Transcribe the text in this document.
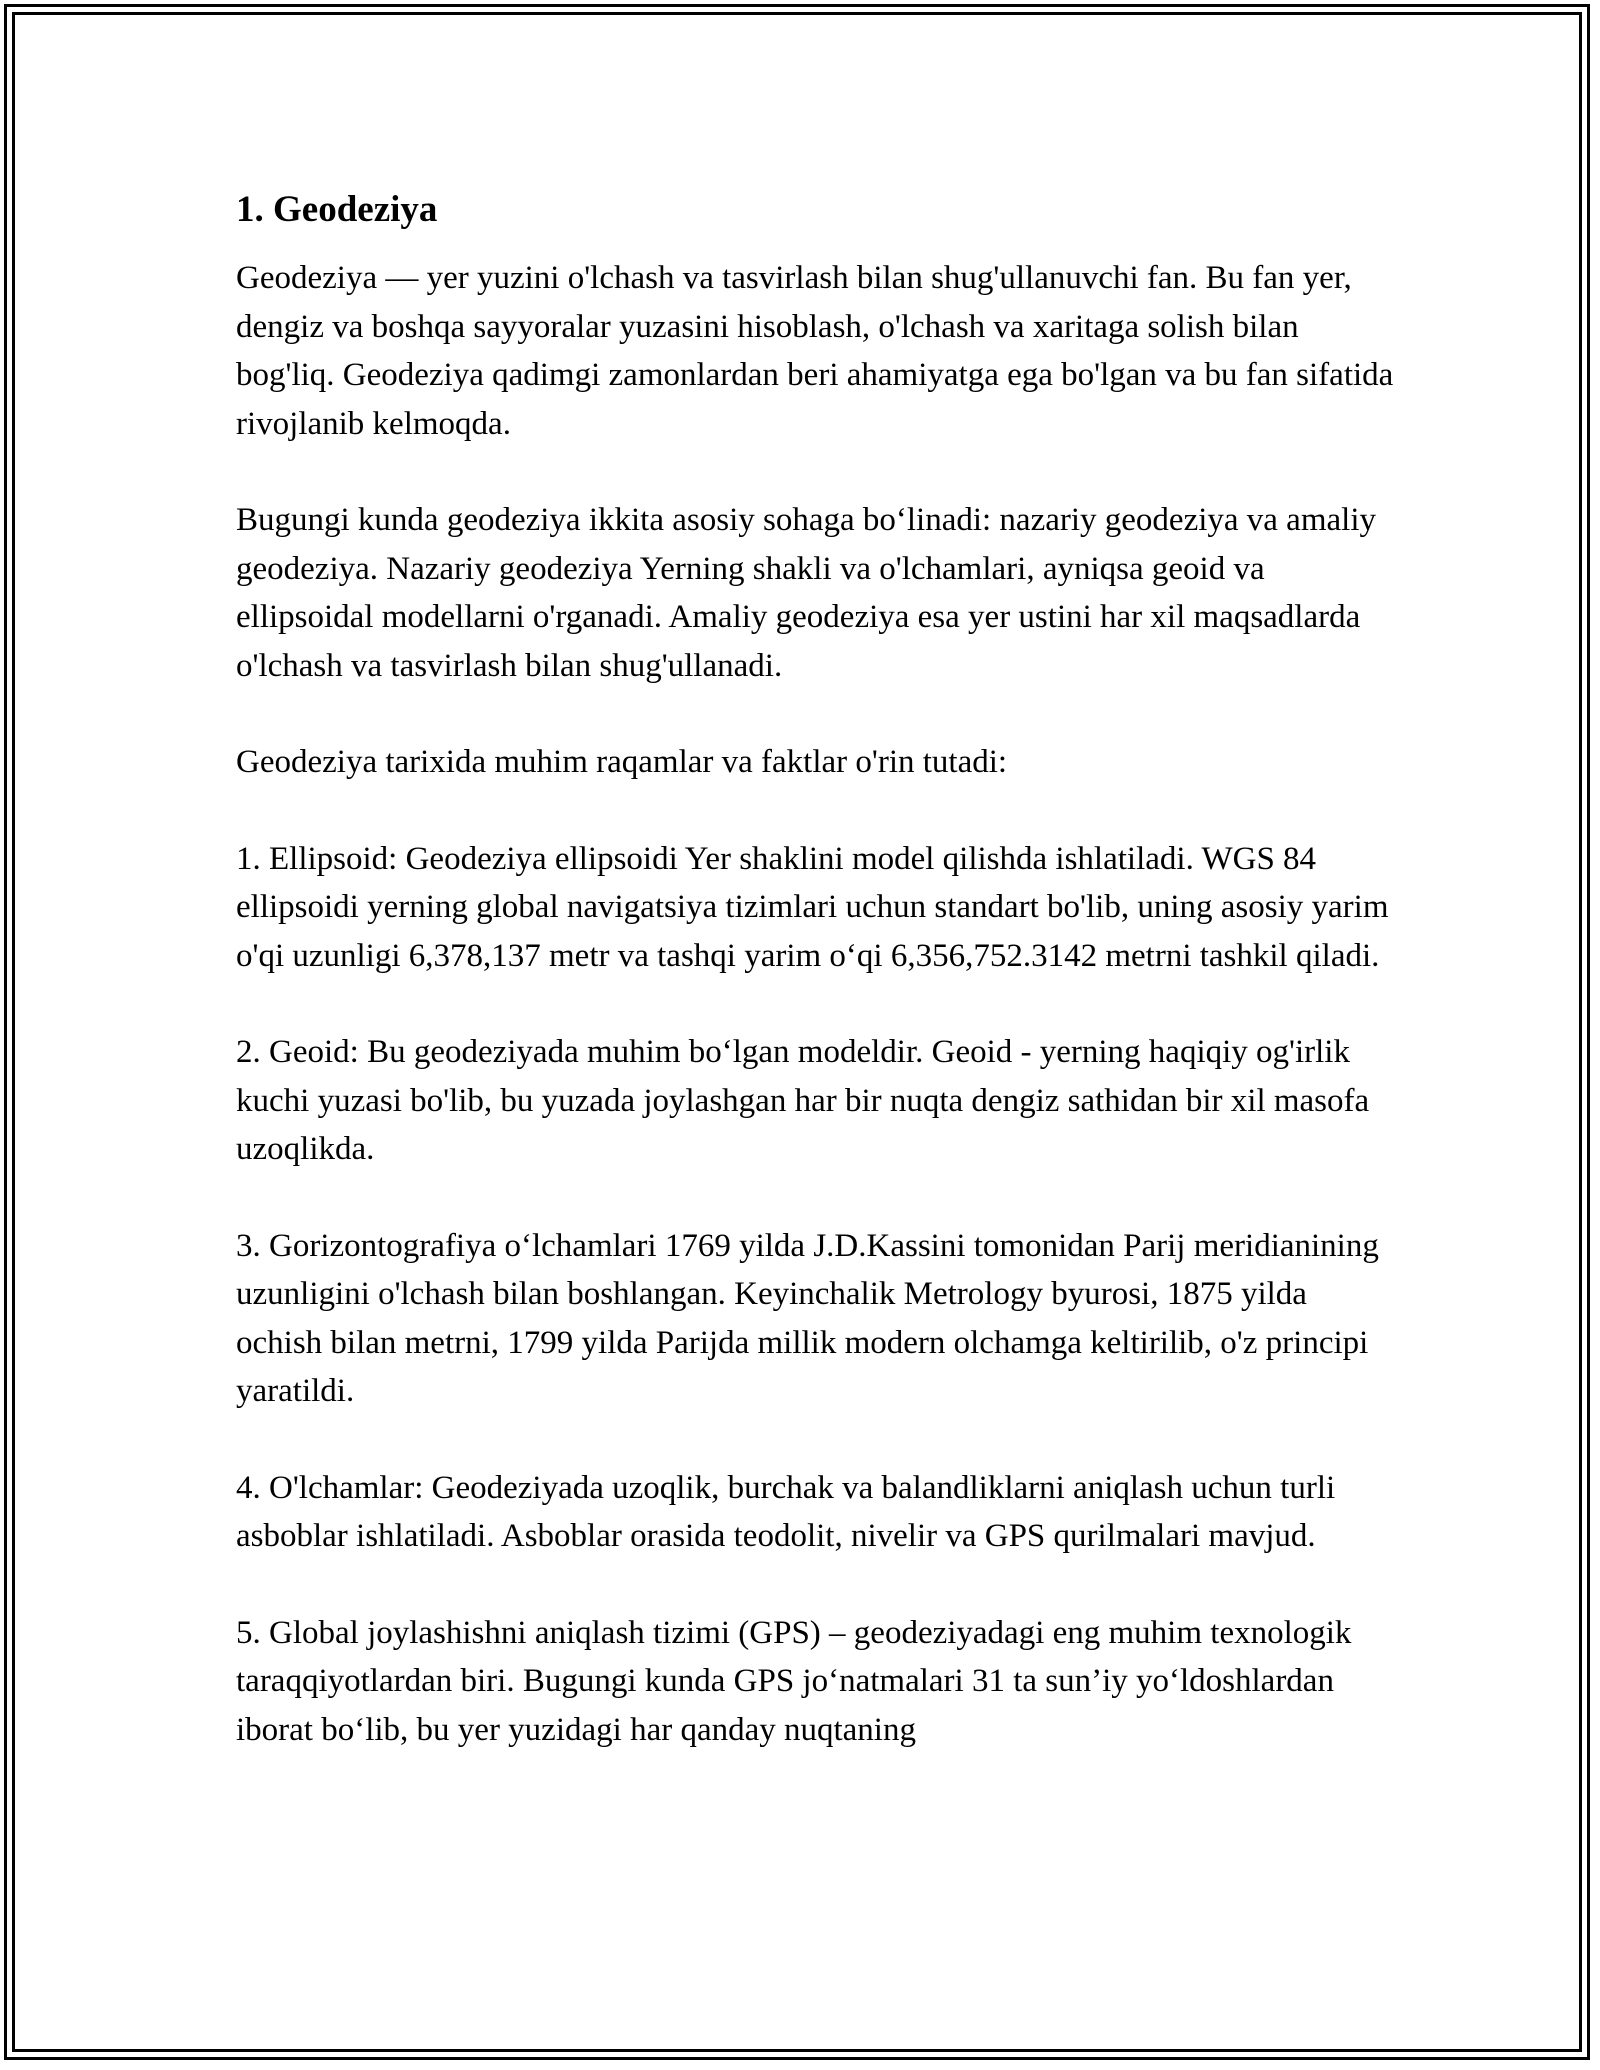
1. Geodeziya

Geodeziya — yer yuzini o'lchash va tasvirlash bilan shug'ullanuvchi fan. Bu fan yer, dengiz va boshqa sayyoralar yuzasini hisoblash, o'lchash va xaritaga solish bilan bog'liq. Geodeziya qadimgi zamonlardan beri ahamiyatga ega bo'lgan va bu fan sifatida rivojlanib kelmoqda.

Bugungi kunda geodeziya ikkita asosiy sohaga boʻlinadi: nazariy geodeziya va amaliy geodeziya. Nazariy geodeziya Yerning shakli va o'lchamlari, ayniqsa geoid va ellipsoidal modellarni o'rganadi. Amaliy geodeziya esa yer ustini har xil maqsadlarda o'lchash va tasvirlash bilan shug'ullanadi.

Geodeziya tarixida muhim raqamlar va faktlar o'rin tutadi:

1. Ellipsoid: Geodeziya ellipsoidi Yer shaklini model qilishda ishlatiladi. WGS 84 ellipsoidi yerning global navigatsiya tizimlari uchun standart bo'lib, uning asosiy yarim o'qi uzunligi 6,378,137 metr va tashqi yarim oʻqi 6,356,752.3142 metrni tashkil qiladi.

2. Geoid: Bu geodeziyada muhim boʻlgan modeldir. Geoid - yerning haqiqiy og'irlik kuchi yuzasi bo'lib, bu yuzada joylashgan har bir nuqta dengiz sathidan bir xil masofa uzoqlikda.

3. Gorizontografiya oʻlchamlari 1769 yilda J.D.Kassini tomonidan Parij meridianining uzunligini o'lchash bilan boshlangan. Keyinchalik Metrology byurosi, 1875 yilda ochish bilan metrni, 1799 yilda Parijda millik modern olchamga keltirilib, o'z principi yaratildi.

4. O'lchamlar: Geodeziyada uzoqlik, burchak va balandliklarni aniqlash uchun turli asboblar ishlatiladi. Asboblar orasida teodolit, nivelir va GPS qurilmalari mavjud.

5. Global joylashishni aniqlash tizimi (GPS) – geodeziyadagi eng muhim texnologik taraqqiyotlardan biri. Bugungi kunda GPS joʻnatmalari 31 ta sun’iy yoʻldoshlardan iborat boʻlib, bu yer yuzidagi har qanday nuqtaning
